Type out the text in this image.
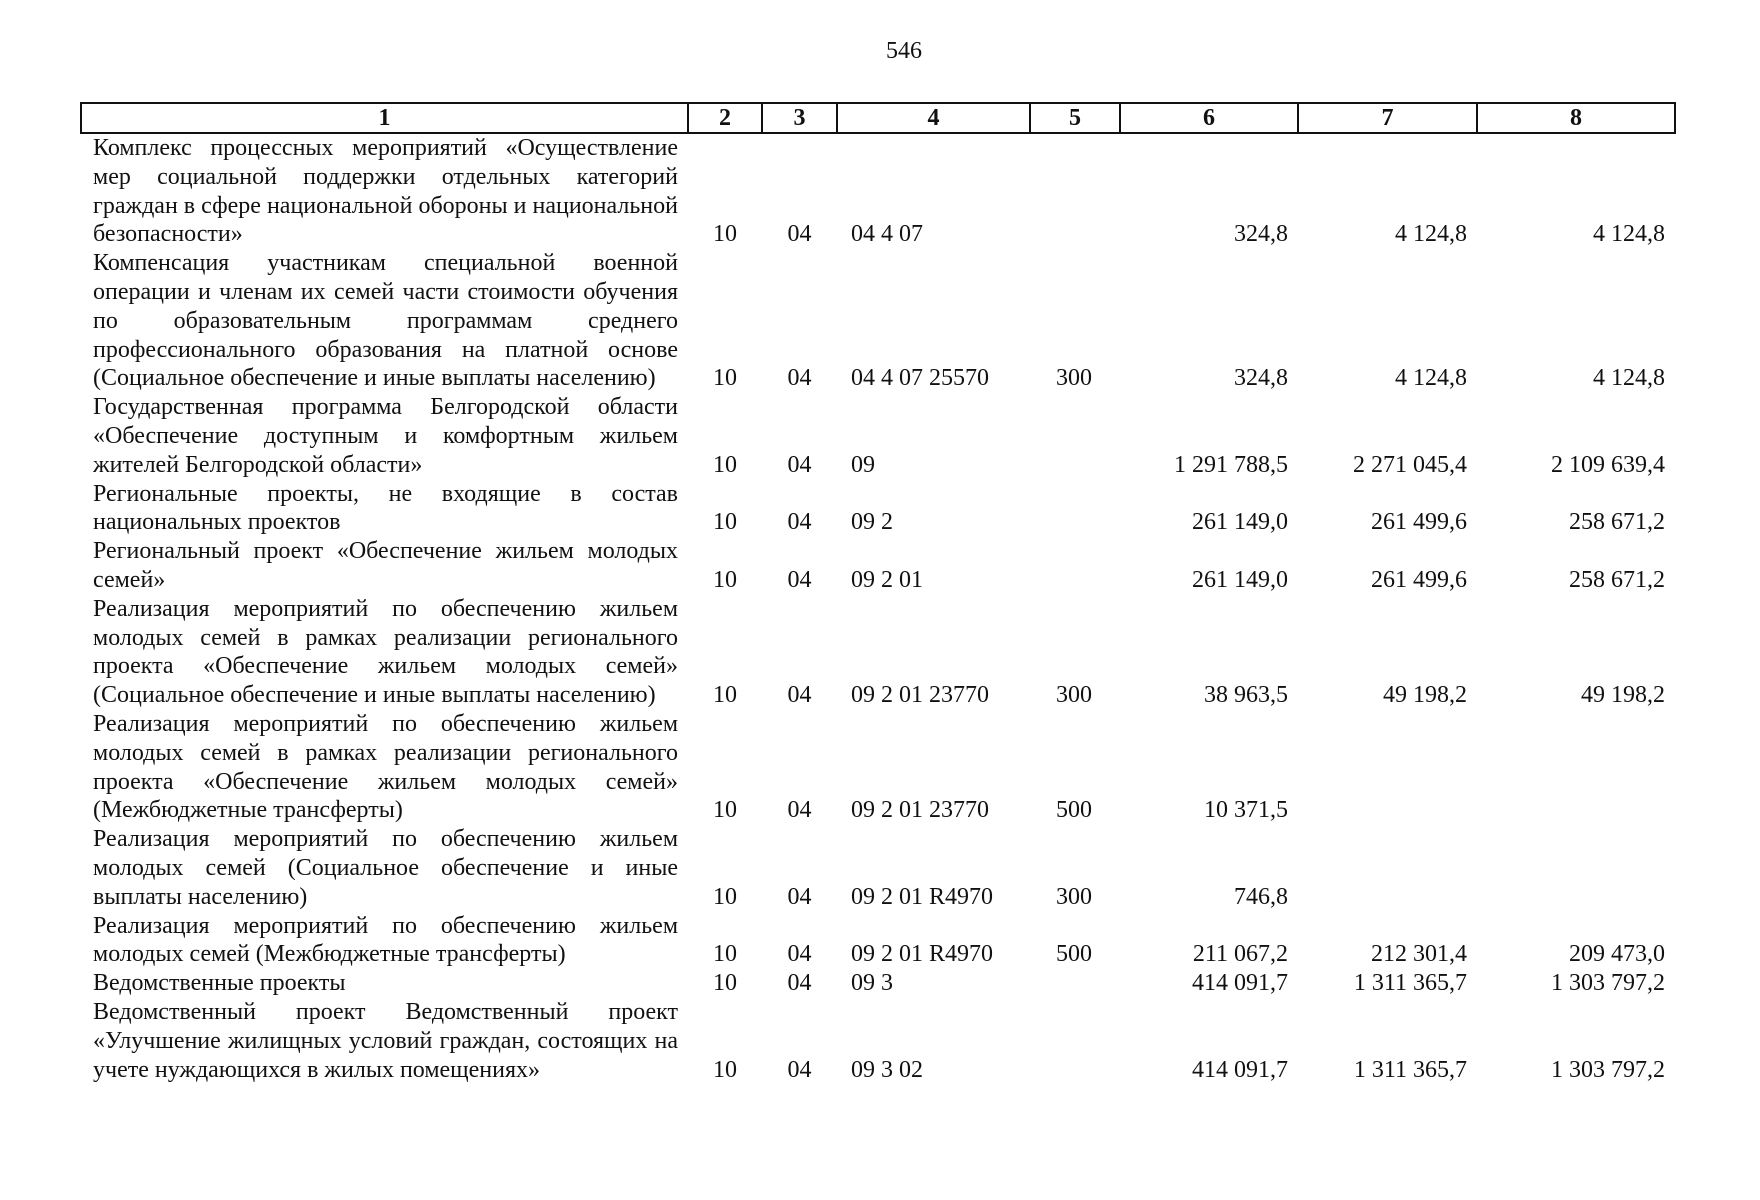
546
1	2	3	4	5	6	7	8
Комплекс процессных мероприятий «Осуществление мер социальной поддержки отдельных категорий граждан в сфере национальной обороны и национальной безопасности»	10	04	04 4 07		324,8	4 124,8	4 124,8
Компенсация участникам специальной военной операции и членам их семей части стоимости обучения по образовательным программам среднего профессионального образования на платной основе (Социальное обеспечение и иные выплаты населению)	10	04	04 4 07 25570	300	324,8	4 124,8	4 124,8
Государственная программа Белгородской области «Обеспечение доступным и комфортным жильем жителей Белгородской области»	10	04	09		1 291 788,5	2 271 045,4	2 109 639,4
Региональные проекты, не входящие в состав национальных проектов	10	04	09 2		261 149,0	261 499,6	258 671,2
Региональный проект «Обеспечение жильем молодых семей»	10	04	09 2 01		261 149,0	261 499,6	258 671,2
Реализация мероприятий по обеспечению жильем молодых семей в рамках реализации регионального проекта «Обеспечение жильем молодых семей» (Социальное обеспечение и иные выплаты населению)	10	04	09 2 01 23770	300	38 963,5	49 198,2	49 198,2
Реализация мероприятий по обеспечению жильем молодых семей в рамках реализации регионального проекта «Обеспечение жильем молодых семей» (Межбюджетные трансферты)	10	04	09 2 01 23770	500	10 371,5		
Реализация мероприятий по обеспечению жильем молодых семей (Социальное обеспечение и иные выплаты населению)	10	04	09 2 01 R4970	300	746,8		
Реализация мероприятий по обеспечению жильем молодых семей (Межбюджетные трансферты)	10	04	09 2 01 R4970	500	211 067,2	212 301,4	209 473,0
Ведомственные проекты	10	04	09 3		414 091,7	1 311 365,7	1 303 797,2
Ведомственный проект Ведомственный проект «Улучшение жилищных условий граждан, состоящих на учете нуждающихся в жилых помещениях»	10	04	09 3 02		414 091,7	1 311 365,7	1 303 797,2
